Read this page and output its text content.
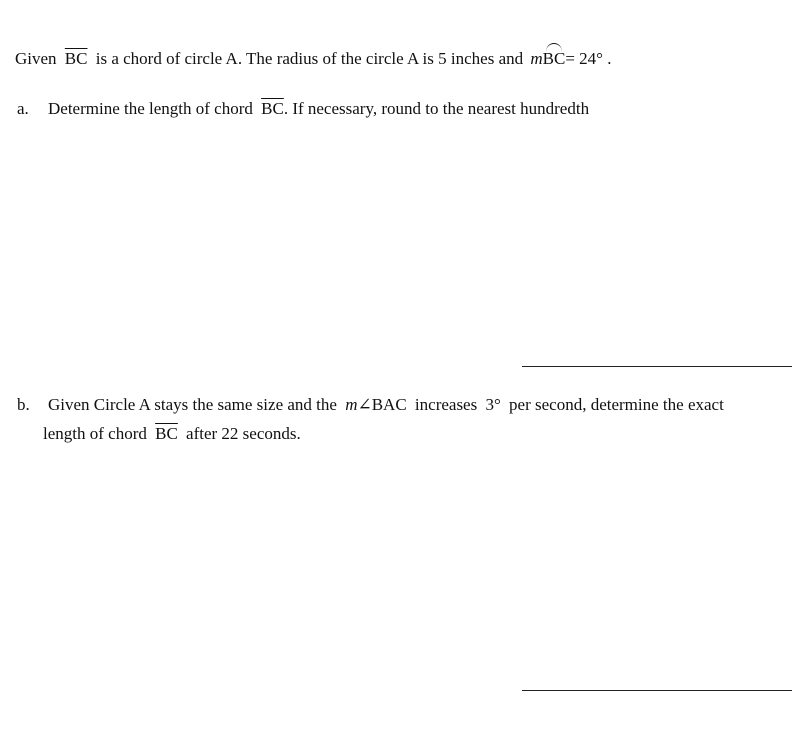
Given $\overline{BC}$ is a chord of circle A. The radius of the circle A is 5 inches and mBC= 24° .
a. Determine the length of chord $\overline{BC}$. If necessary, round to the nearest hundredth
b. Given Circle A stays the same size and the m∠BAC increases 3° per second, determine the exact
length of chord $\overline{BC}$ after 22 seconds.
